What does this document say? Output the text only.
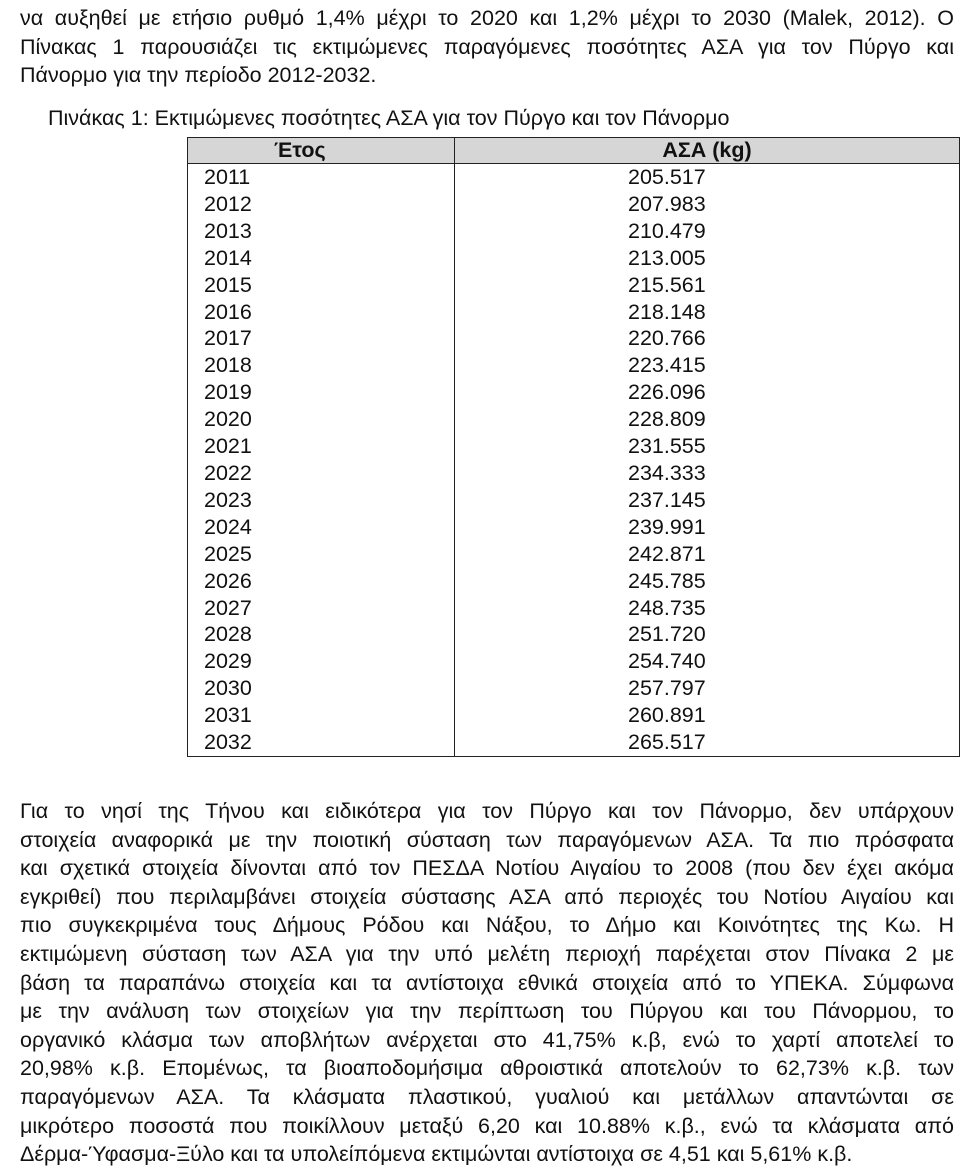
να αυξηθεί με ετήσιο ρυθμό 1,4% μέχρι το 2020 και 1,2% μέχρι το 2030 (Malek, 2012). Ο
Πίνακας 1 παρουσιάζει τις εκτιμώμενες παραγόμενες ποσότητες ΑΣΑ για τον Πύργο και
Πάνορμο για την περίοδο 2012-2032.
Πινάκας 1: Εκτιμώμενες ποσότητες ΑΣΑ για τον Πύργο και τον Πάνορμο
Έτος	ΑΣΑ (kg)
2011	205.517
2012	207.983
2013	210.479
2014	213.005
2015	215.561
2016	218.148
2017	220.766
2018	223.415
2019	226.096
2020	228.809
2021	231.555
2022	234.333
2023	237.145
2024	239.991
2025	242.871
2026	245.785
2027	248.735
2028	251.720
2029	254.740
2030	257.797
2031	260.891
2032	265.517
Για το νησί της Τήνου και ειδικότερα για τον Πύργο και τον Πάνορμο, δεν υπάρχουν
στοιχεία αναφορικά με την ποιοτική σύσταση των παραγόμενων ΑΣΑ. Τα πιο πρόσφατα
και σχετικά στοιχεία δίνονται από τον ΠΕΣΔΑ Νοτίου Αιγαίου το 2008 (που δεν έχει ακόμα
εγκριθεί) που περιλαμβάνει στοιχεία σύστασης ΑΣΑ από περιοχές του Νοτίου Αιγαίου και
πιο συγκεκριμένα τους Δήμους Ρόδου και Νάξου, το Δήμο και Κοινότητες της Κω. Η
εκτιμώμενη σύσταση των ΑΣΑ για την υπό μελέτη περιοχή παρέχεται στον Πίνακα 2 με
βάση τα παραπάνω στοιχεία και τα αντίστοιχα εθνικά στοιχεία από το ΥΠΕΚΑ. Σύμφωνα
με την ανάλυση των στοιχείων για την περίπτωση του Πύργου και του Πάνορμου, το
οργανικό κλάσμα των αποβλήτων ανέρχεται στο 41,75% κ.β, ενώ το χαρτί αποτελεί το
20,98% κ.β. Επομένως, τα βιοαποδομήσιμα αθροιστικά αποτελούν το 62,73% κ.β. των
παραγόμενων ΑΣΑ. Τα κλάσματα πλαστικού, γυαλιού και μετάλλων απαντώνται σε
μικρότερο ποσοστά που ποικίλλουν μεταξύ 6,20 και 10.88% κ.β., ενώ τα κλάσματα από
Δέρμα-Ύφασμα-Ξύλο και τα υπολείπόμενα εκτιμώνται αντίστοιχα σε 4,51 και 5,61% κ.β.
